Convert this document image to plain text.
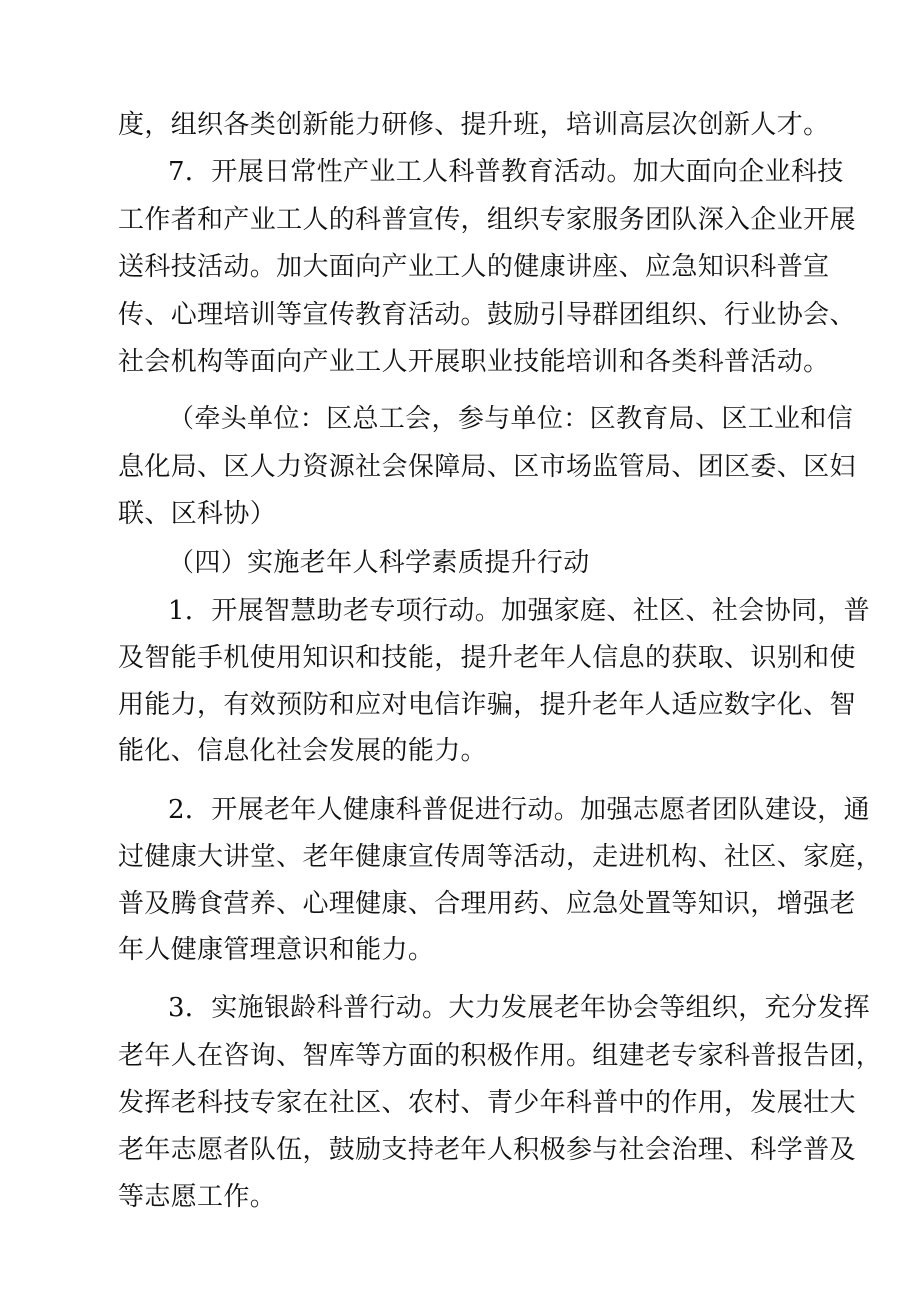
度，组织各类创新能力研修、提升班，培训高层次创新人才。
7．开展日常性产业工人科普教育活动。加大面向企业科技
工作者和产业工人的科普宣传，组织专家服务团队深入企业开展
送科技活动。加大面向产业工人的健康讲座、应急知识科普宣
传、心理培训等宣传教育活动。鼓励引导群团组织、行业协会、
社会机构等面向产业工人开展职业技能培训和各类科普活动。
（牵头单位：区总工会，参与单位：区教育局、区工业和信
息化局、区人力资源社会保障局、区市场监管局、团区委、区妇
联、区科协）
（四）实施老年人科学素质提升行动
1．开展智慧助老专项行动。加强家庭、社区、社会协同，普
及智能手机使用知识和技能，提升老年人信息的获取、识别和使
用能力，有效预防和应对电信诈骗，提升老年人适应数字化、智
能化、信息化社会发展的能力。
2．开展老年人健康科普促进行动。加强志愿者团队建设，通
过健康大讲堂、老年健康宣传周等活动，走进机构、社区、家庭，
普及腾食营养、心理健康、合理用药、应急处置等知识，增强老
年人健康管理意识和能力。
3．实施银龄科普行动。大力发展老年协会等组织，充分发挥
老年人在咨询、智库等方面的积极作用。组建老专家科普报告团，
发挥老科技专家在社区、农村、青少年科普中的作用，发展壮大
老年志愿者队伍，鼓励支持老年人积极参与社会治理、科学普及
等志愿工作。
